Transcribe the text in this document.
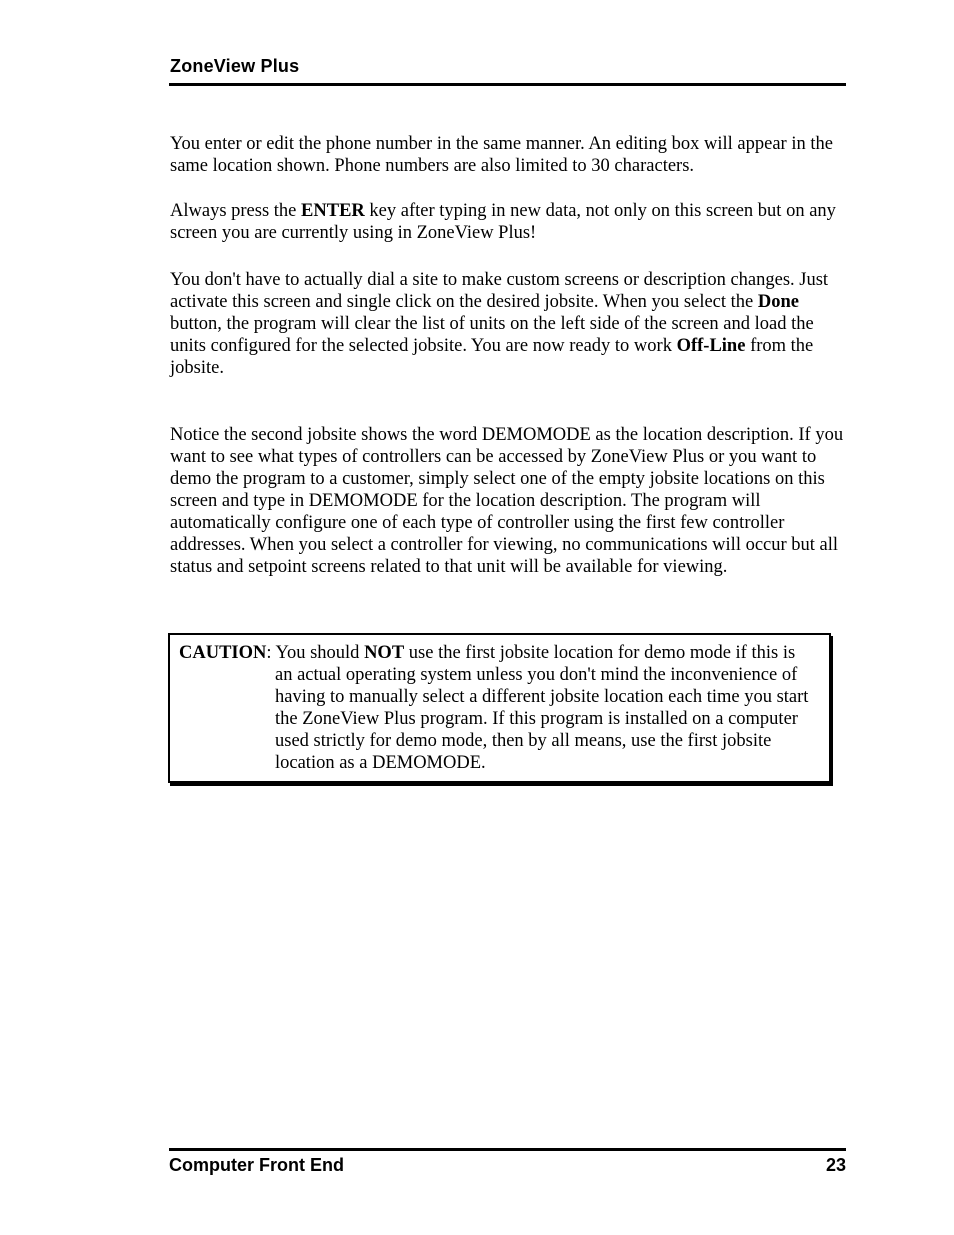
ZoneView Plus
You enter or edit the phone number in the same manner. An editing box will appear in the same location shown. Phone numbers are also limited to 30 characters.
Always press the ENTER key after typing in new data, not only on this screen but on any screen you are currently using in ZoneView Plus!
You don't have to actually dial a site to make custom screens or description changes. Just activate this screen and single click on the desired jobsite. When you select the Done button, the program will clear the list of units on the left side of the screen and load the units configured for the selected jobsite. You are now ready to work Off-Line from the jobsite.
Notice the second jobsite shows the word DEMOMODE as the location description. If you want to see what types of controllers can be accessed by ZoneView Plus or you want to demo the program to a customer, simply select one of the empty jobsite locations on this screen and type in DEMOMODE for the location description. The program will automatically configure one of each type of controller using the first few controller addresses. When you select a controller for viewing, no communications will occur but all status and setpoint screens related to that unit will be available for viewing.
CAUTION: You should NOT use the first jobsite location for demo mode if this is an actual operating system unless you don't mind the inconvenience of having to manually select a different jobsite location each time you start the ZoneView Plus program. If this program is installed on a computer used strictly for demo mode, then by all means, use the first jobsite location as a DEMOMODE.
Computer Front End	23
